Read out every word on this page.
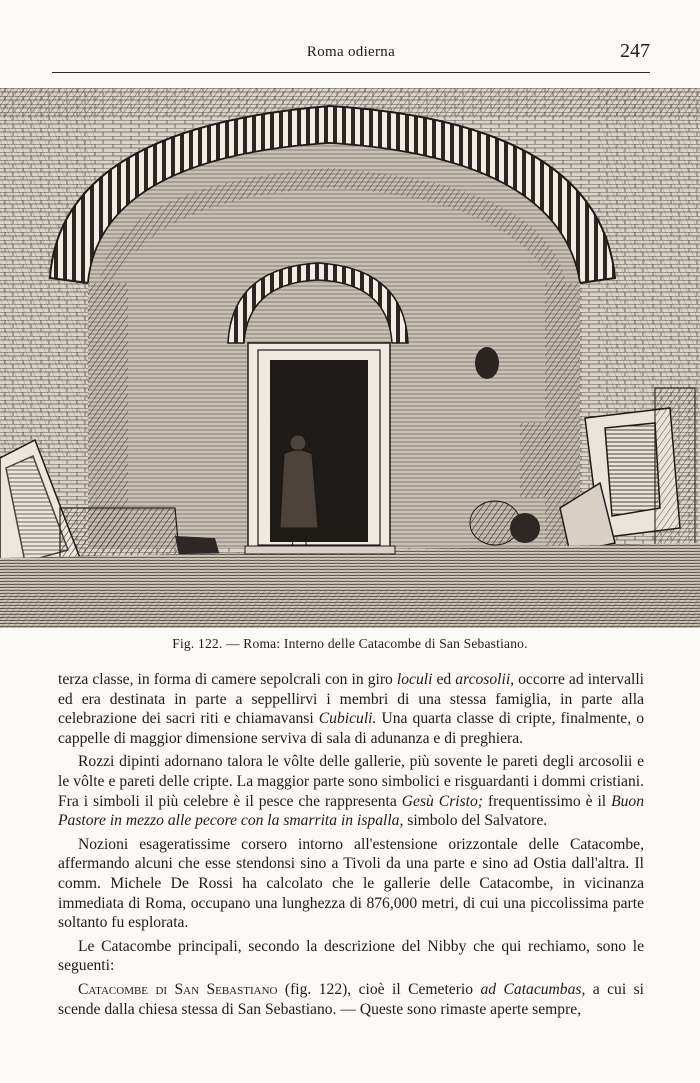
Roma odierna	247
Fig. 122. — Roma: Interno delle Catacombe di San Sebastiano.

terza classe, in forma di camere sepolcrali con in giro loculi ed arcosolii, occorre ad intervalli ed era destinata in parte a seppellirvi i membri di una stessa famiglia, in parte alla celebrazione dei sacri riti e chiamavansi Cubiculi. Una quarta classe di cripte, finalmente, o cappelle di maggior dimensione serviva di sala di adunanza e di preghiera.

Rozzi dipinti adornano talora le vôlte delle gallerie, più sovente le pareti degli arcosolii e le vôlte e pareti delle cripte. La maggior parte sono simbolici e risguardanti i dommi cristiani. Fra i simboli il più celebre è il pesce che rappresenta Gesù Cristo; frequentissimo è il Buon Pastore in mezzo alle pecore con la smarrita in ispalla, simbolo del Salvatore.

Nozioni esageratissime corsero intorno all'estensione orizzontale delle Catacombe, affermando alcuni che esse stendonsi sino a Tivoli da una parte e sino ad Ostia dall'altra. Il comm. Michele De Rossi ha calcolato che le gallerie delle Catacombe, in vicinanza immediata di Roma, occupano una lunghezza di 876,000 metri, di cui una piccolissima parte soltanto fu esplorata.

Le Catacombe principali, secondo la descrizione del Nibby che qui rechiamo, sono le seguenti:

Catacombe di San Sebastiano (fig. 122), cioè il Cemeterio ad Catacumbas, a cui si scende dalla chiesa stessa di San Sebastiano. — Queste sono rimaste aperte sempre,
